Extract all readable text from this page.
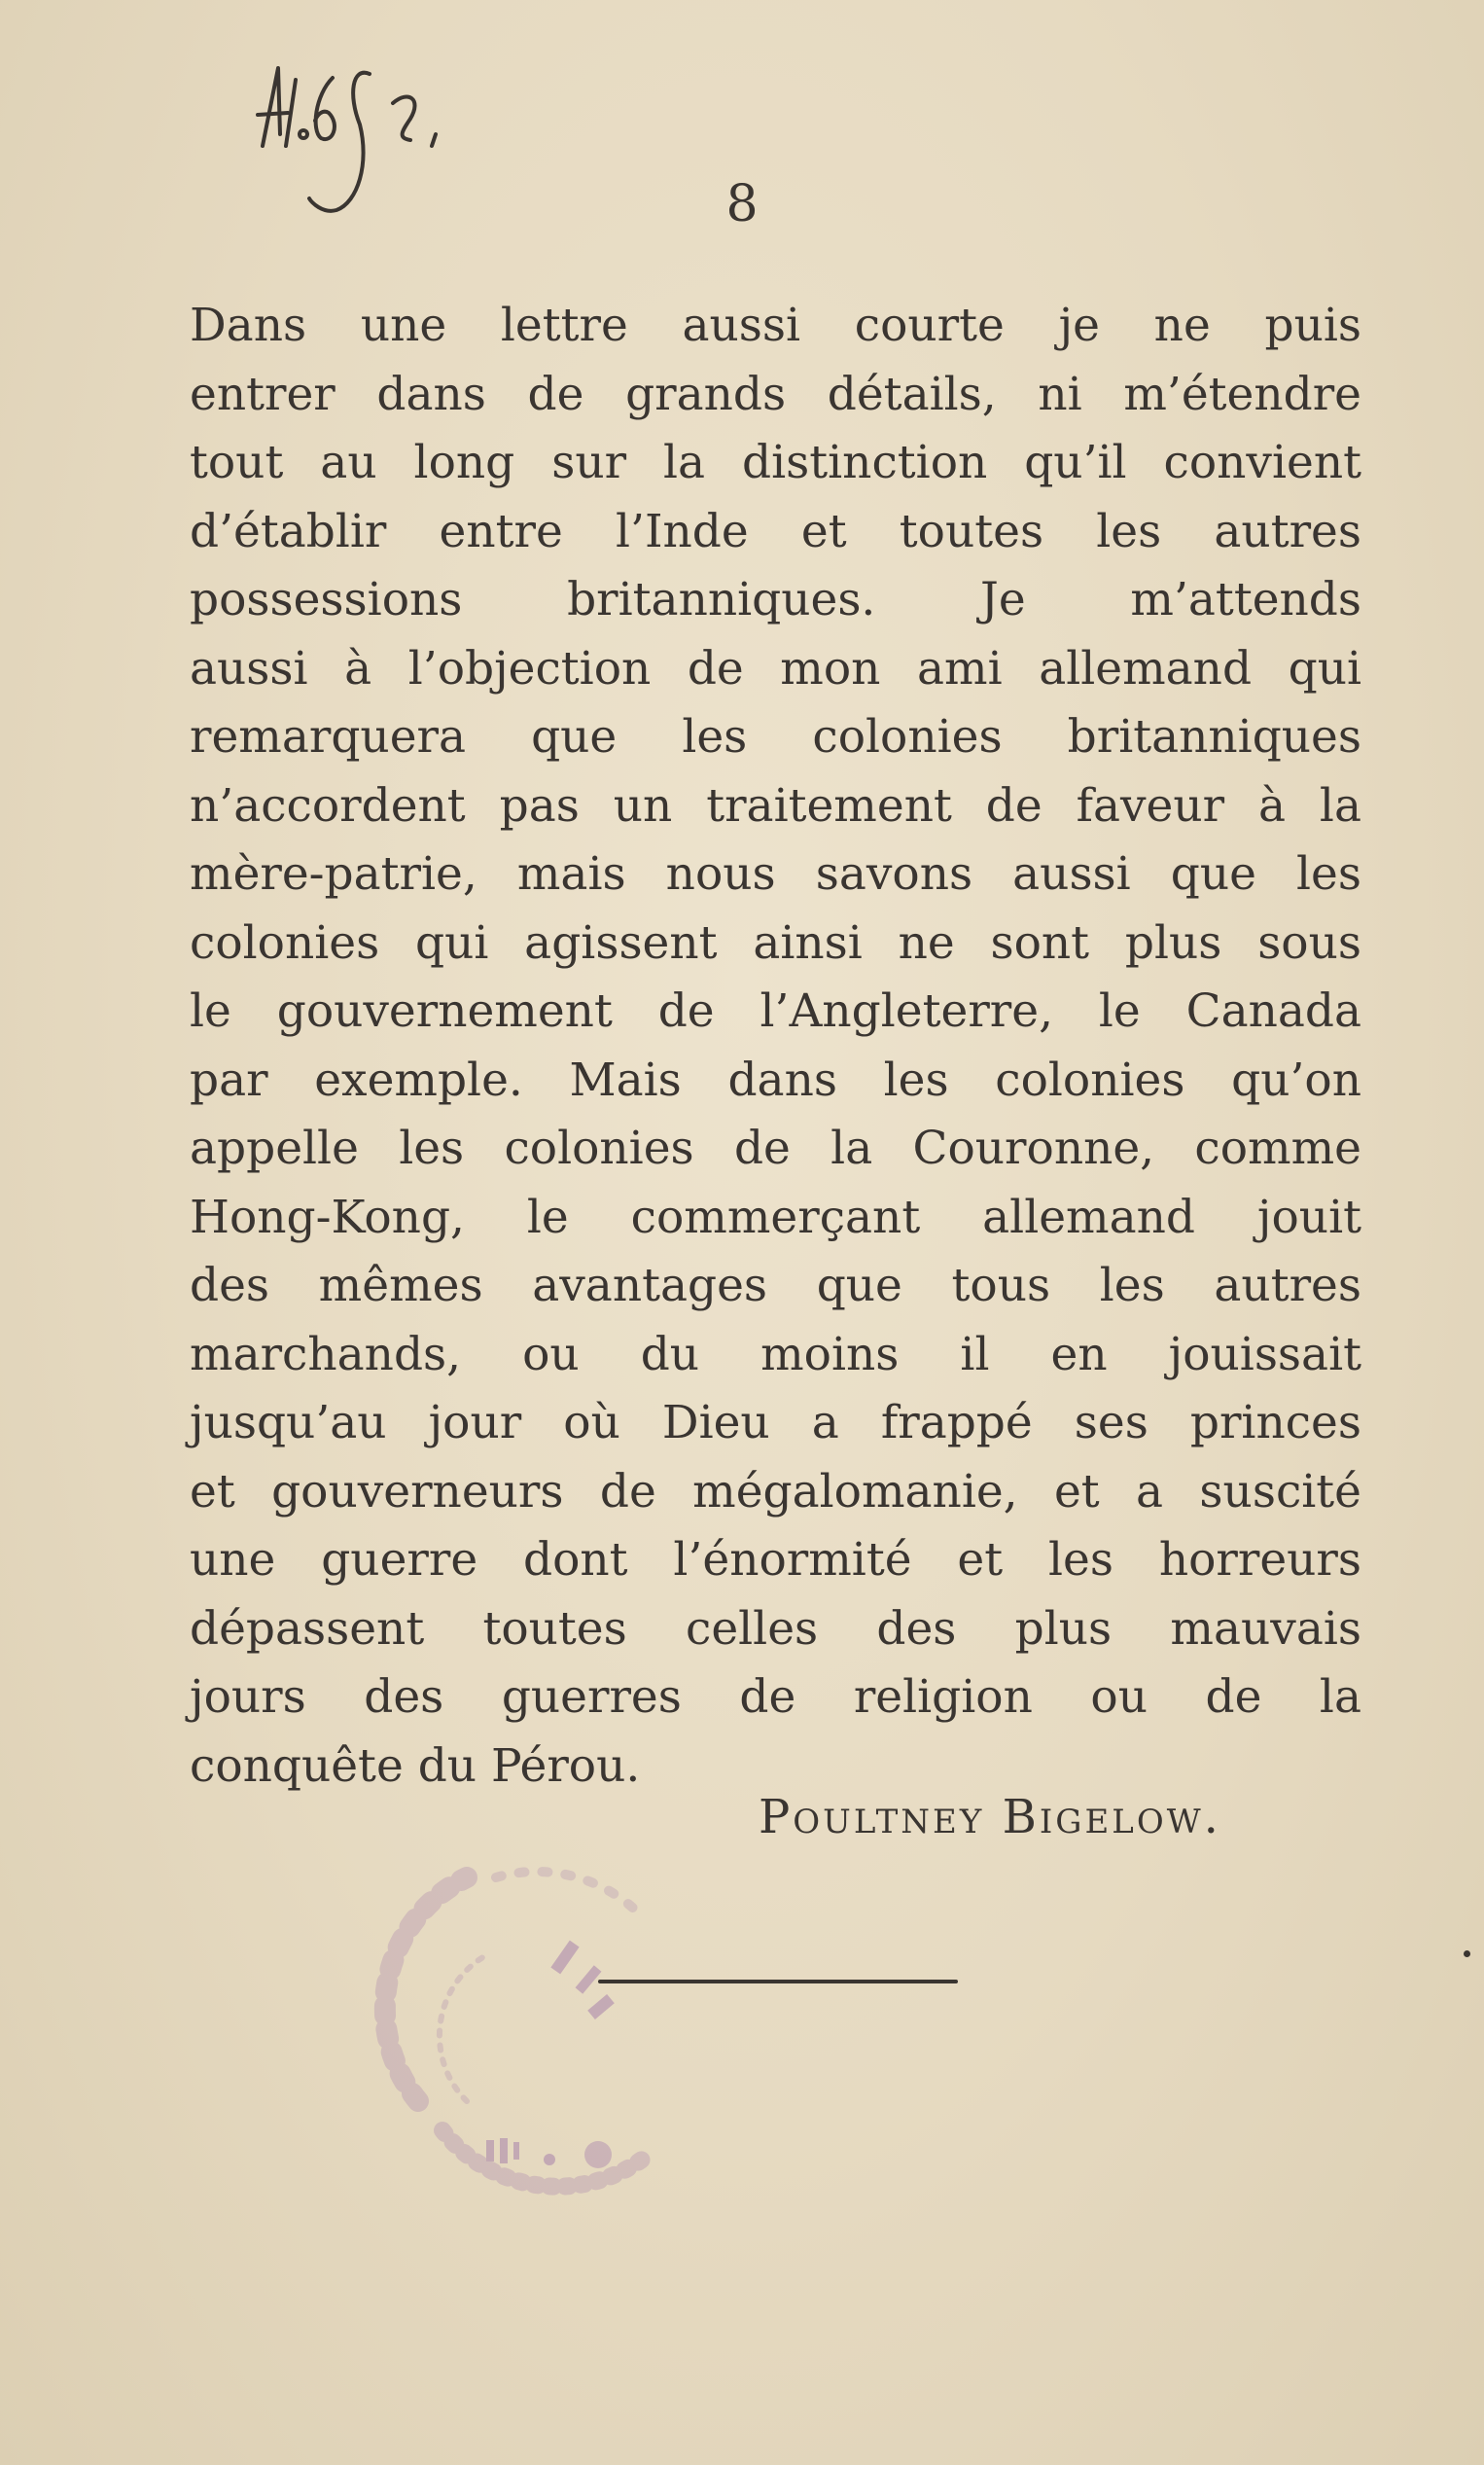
8
Dans une lettre aussi courte je ne puis
entrer dans de grands détails, ni m’étendre
tout au long sur la distinction qu’il convient
d’établir entre l’Inde et toutes les autres
possessions britanniques. Je m’attends
aussi à l’objection de mon ami allemand qui
remarquera que les colonies britanniques
n’accordent pas un traitement de faveur à la
mère-patrie, mais nous savons aussi que les
colonies qui agissent ainsi ne sont plus sous
le gouvernement de l’Angleterre, le Canada
par exemple. Mais dans les colonies qu’on
appelle les colonies de la Couronne, comme
Hong-Kong, le commerçant allemand jouit
des mêmes avantages que tous les autres
marchands, ou du moins il en jouissait
jusqu’au jour où Dieu a frappé ses princes
et gouverneurs de mégalomanie, et a suscité
une guerre dont l’énormité et les horreurs
dépassent toutes celles des plus mauvais
jours des guerres de religion ou de la
conquête du Pérou.
Poultney Bigelow.
